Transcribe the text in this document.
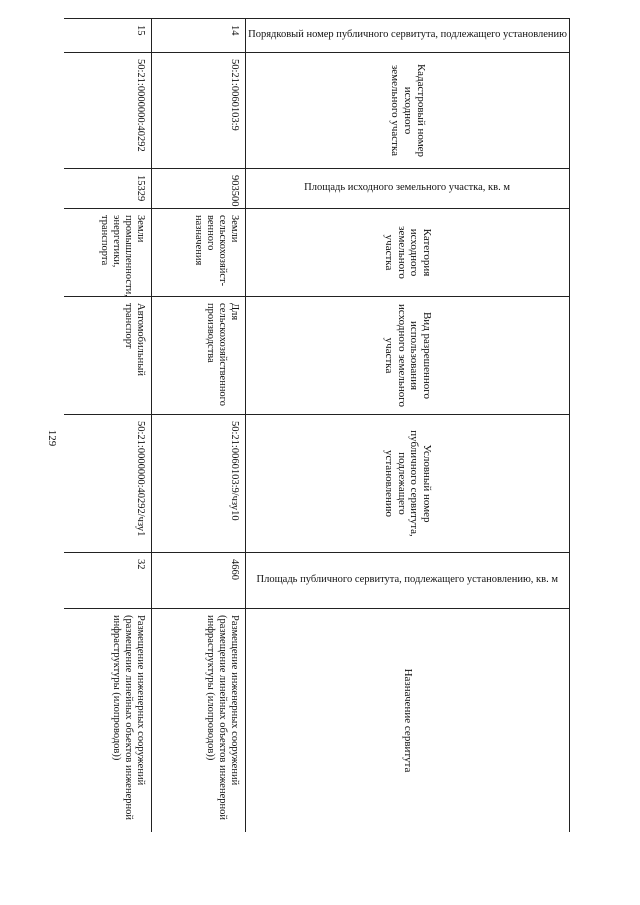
129
Порядковый номер публичного сервитута, подлежащего установлению	Кадастровый номер исходного земельного участка	Площадь исходного земельного участка, кв. м	Категория исходного земельного участка	Вид разрешенного использования исходного земельного участка	Условный номер публичного сервитута, подлежащего установлению	Площадь публичного сервитута, подлежащего установлению, кв. м	Назначение сервитута
14	50:21:0060103:9	903500	Земли сельскохозяйст-венного назначения	Для сельскохозяйственного производства	50:21:0060103:9/чзу10	4660	Размещение инженерных сооружений (размещение линейных объектов инженерной инфраструктуры (илопроводов))
15	50:21:0000000:40292	15329	Земли промышленности, энергетики, транспорта	Автомобильный транспорт	50:21:0000000:40292/чзу1	32	Размещение инженерных сооружений (размещение линейных объектов инженерной инфраструктуры (илопроводов))
